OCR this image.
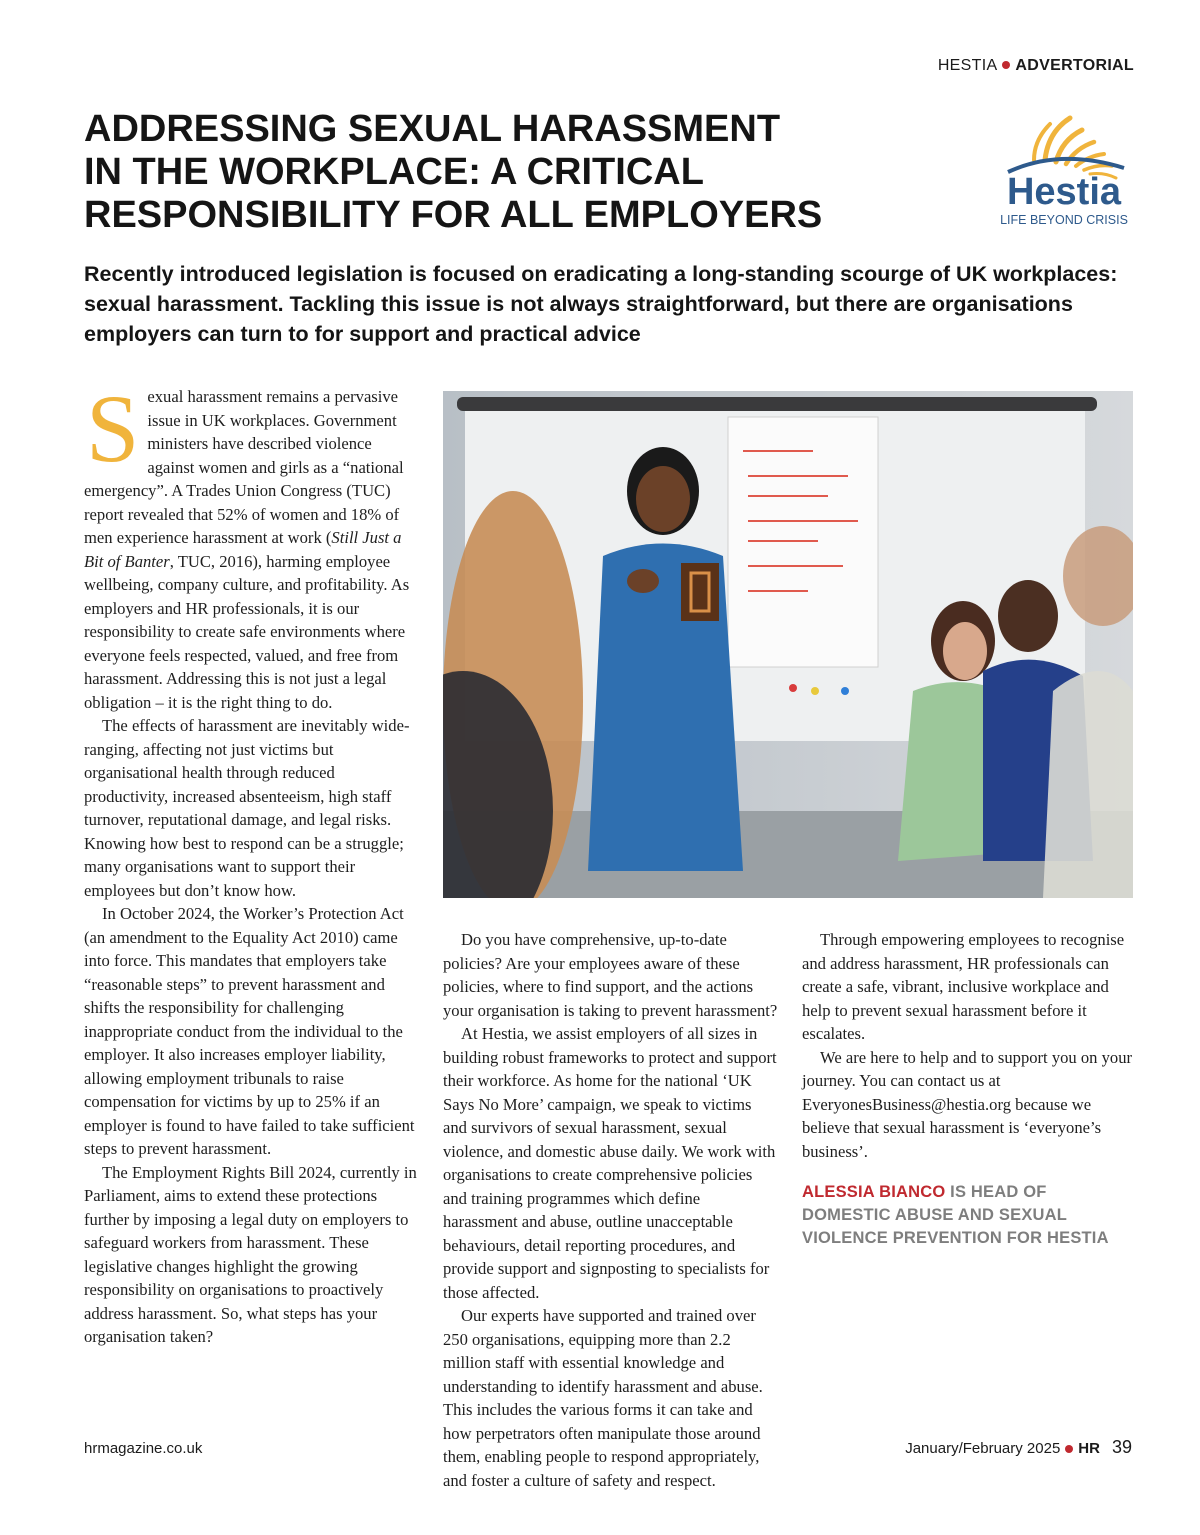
HESTIA ADVERTORIAL
ADDRESSING SEXUAL HARASSMENT
IN THE WORKPLACE: A CRITICAL
RESPONSIBILITY FOR ALL EMPLOYERS
Hestia
LIFE BEYOND CRISIS

Recently introduced legislation is focused on eradicating a long-standing scourge of UK workplaces: sexual harassment. Tackling this issue is not always straightforward, but there are organisations employers can turn to for support and practical advice

Sexual harassment remains a pervasive issue in UK workplaces. Government ministers have described violence against women and girls as a “national emergency”. A Trades Union Congress (TUC) report revealed that 52% of women and 18% of men experience harassment at work (Still Just a Bit of Banter, TUC, 2016), harming employee wellbeing, company culture, and profitability. As employers and HR professionals, it is our responsibility to create safe environments where everyone feels respected, valued, and free from harassment. Addressing this is not just a legal obligation – it is the right thing to do.

The effects of harassment are inevitably wide-ranging, affecting not just victims but organisational health through reduced productivity, increased absenteeism, high staff turnover, reputational damage, and legal risks. Knowing how best to respond can be a struggle; many organisations want to support their employees but don’t know how.

In October 2024, the Worker’s Protection Act (an amendment to the Equality Act 2010) came into force. This mandates that employers take “reasonable steps” to prevent harassment and shifts the responsibility for challenging inappropriate conduct from the individual to the employer. It also increases employer liability, allowing employment tribunals to raise compensation for victims by up to 25% if an employer is found to have failed to take sufficient steps to prevent harassment.

The Employment Rights Bill 2024, currently in Parliament, aims to extend these protections further by imposing a legal duty on employers to safeguard workers from harassment. These legislative changes highlight the growing responsibility on organisations to proactively address harassment. So, what steps has your organisation taken?

Do you have comprehensive, up-to-date policies? Are your employees aware of these policies, where to find support, and the actions your organisation is taking to prevent harassment?

At Hestia, we assist employers of all sizes in building robust frameworks to protect and support their workforce. As home for the national ‘UK Says No More’ campaign, we speak to victims and survivors of sexual harassment, sexual violence, and domestic abuse daily. We work with organisations to create comprehensive policies and training programmes which define harassment and abuse, outline unacceptable behaviours, detail reporting procedures, and provide support and signposting to specialists for those affected.

Our experts have supported and trained over 250 organisations, equipping more than 2.2 million staff with essential knowledge and understanding to identify harassment and abuse. This includes the various forms it can take and how perpetrators often manipulate those around them, enabling people to respond appropriately, and foster a culture of safety and respect.

Through empowering employees to recognise and address harassment, HR professionals can create a safe, vibrant, inclusive workplace and help to prevent sexual harassment before it escalates.

We are here to help and to support you on your journey. You can contact us at EveryonesBusiness@hestia.org because we believe that sexual harassment is ‘everyone’s business’.

ALESSIA BIANCO IS HEAD OF DOMESTIC ABUSE AND SEXUAL VIOLENCE PREVENTION FOR HESTIA

hrmagazine.co.uk	January/February 2025 HR 39
